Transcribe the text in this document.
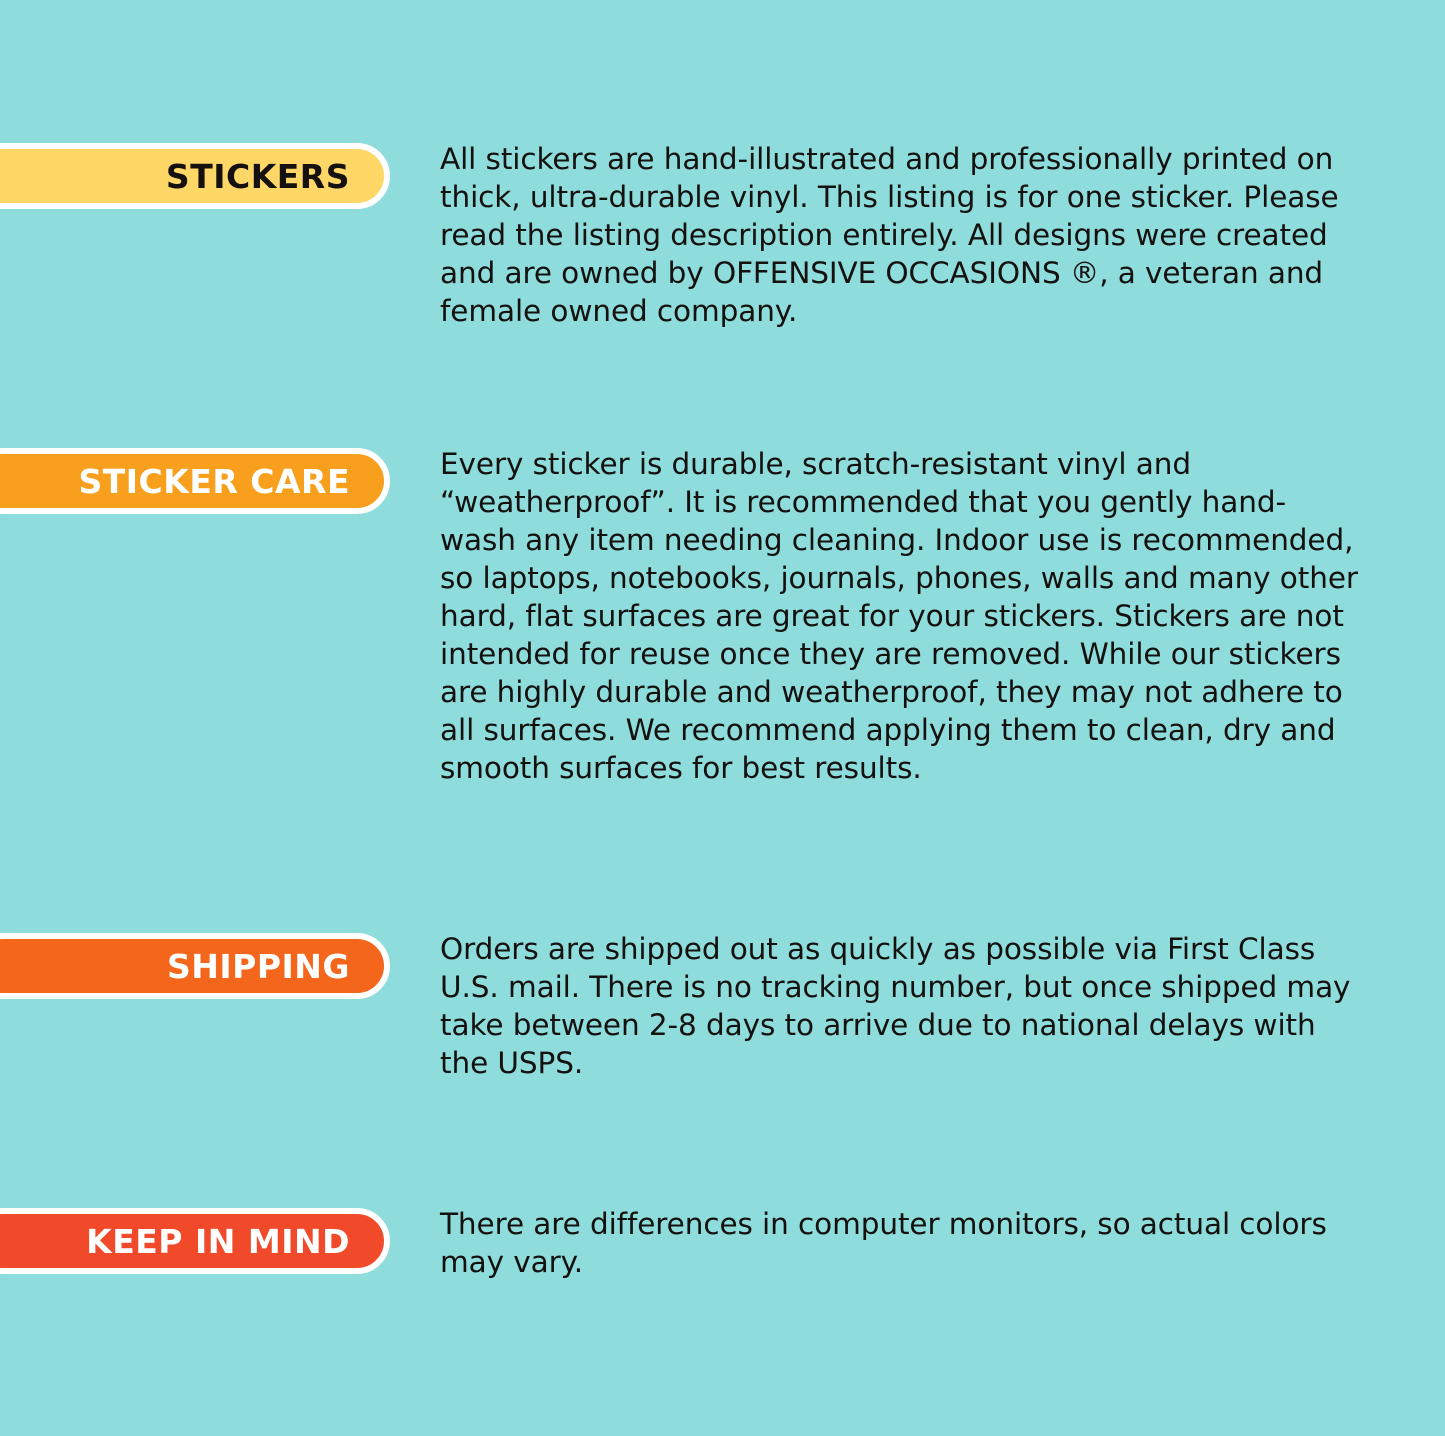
STICKERS	All stickers are hand-illustrated and professionally printed on thick, ultra-durable vinyl. This listing is for one sticker. Please read the listing description entirely. All designs were created and are owned by OFFENSIVE OCCASIONS ®, a veteran and female owned company.
STICKER CARE	Every sticker is durable, scratch-resistant vinyl and “weatherproof”. It is recommended that you gently hand-wash any item needing cleaning. Indoor use is recommended, so laptops, notebooks, journals, phones, walls and many other hard, flat surfaces are great for your stickers. Stickers are not intended for reuse once they are removed. While our stickers are highly durable and weatherproof, they may not adhere to all surfaces. We recommend applying them to clean, dry and smooth surfaces for best results.
SHIPPING	Orders are shipped out as quickly as possible via First Class U.S. mail. There is no tracking number, but once shipped may take between 2-8 days to arrive due to national delays with the USPS.
KEEP IN MIND	There are differences in computer monitors, so actual colors may vary.
